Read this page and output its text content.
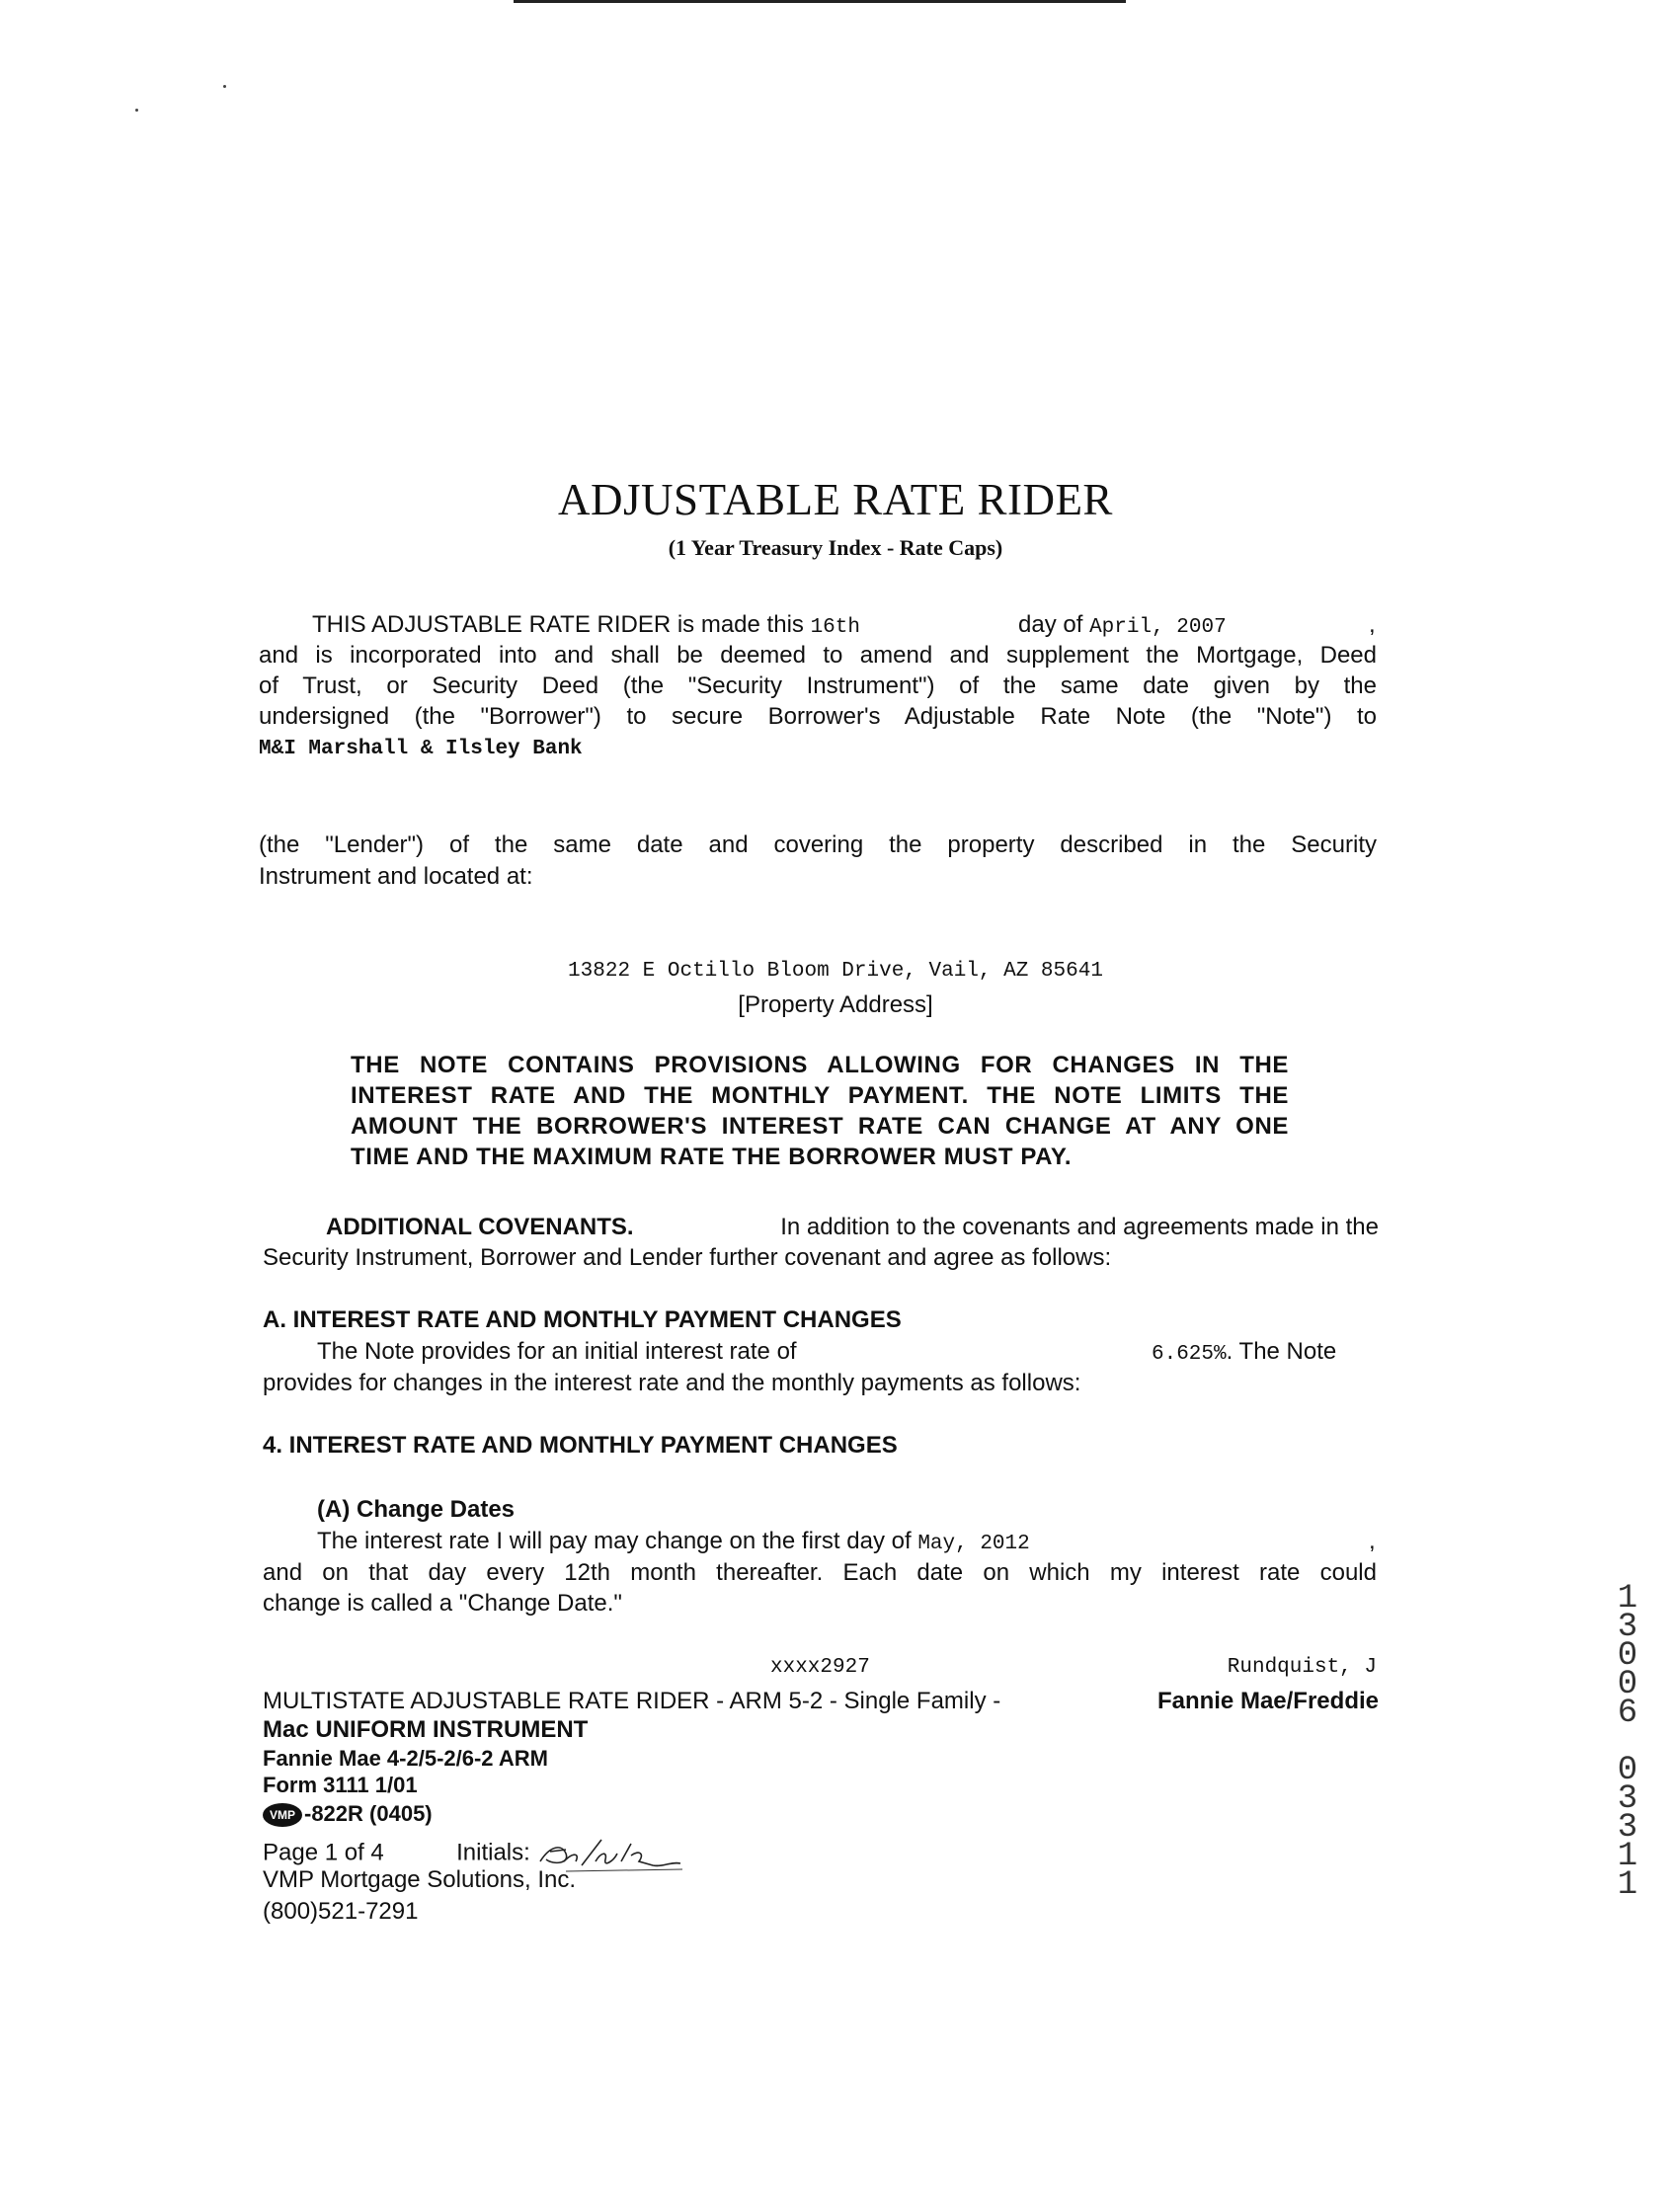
ADJUSTABLE RATE RIDER
(1 Year Treasury Index - Rate Caps)
THIS ADJUSTABLE RATE RIDER is made this 16th	day of April, 2007	,
and is incorporated into and shall be deemed to amend and supplement the Mortgage, Deed
of Trust, or Security Deed (the "Security Instrument") of the same date given by the
undersigned (the "Borrower") to secure Borrower's Adjustable Rate Note (the "Note") to
M&I Marshall & Ilsley Bank
(the "Lender") of the same date and covering the property described in the Security
Instrument and located at:
13822 E Octillo Bloom Drive, Vail, AZ 85641
[Property Address]
THE NOTE CONTAINS PROVISIONS ALLOWING FOR CHANGES IN THE
INTEREST RATE AND THE MONTHLY PAYMENT. THE NOTE LIMITS THE
AMOUNT THE BORROWER'S INTEREST RATE CAN CHANGE AT ANY ONE
TIME AND THE MAXIMUM RATE THE BORROWER MUST PAY.
ADDITIONAL COVENANTS.	In addition to the covenants and agreements made in the
Security Instrument, Borrower and Lender further covenant and agree as follows:
A. INTEREST RATE AND MONTHLY PAYMENT CHANGES
The Note provides for an initial interest rate of	6.625%. The Note
provides for changes in the interest rate and the monthly payments as follows:
4. INTEREST RATE AND MONTHLY PAYMENT CHANGES
(A) Change Dates
The interest rate I will pay may change on the first day of May, 2012	,
and on that day every 12th month thereafter. Each date on which my interest rate could
change is called a "Change Date."
xxxx2927	Rundquist, J
MULTISTATE ADJUSTABLE RATE RIDER - ARM 5-2 - Single Family -	Fannie Mae/Freddie
Mac UNIFORM INSTRUMENT
Fannie Mae 4-2/5-2/6-2 ARM
Form 3111 1/01
VMP -822R (0405)
Page 1 of 4	Initials:
VMP Mortgage Solutions, Inc.
(800)521-7291
1
3
0
0
6

0
3
3
1
1
